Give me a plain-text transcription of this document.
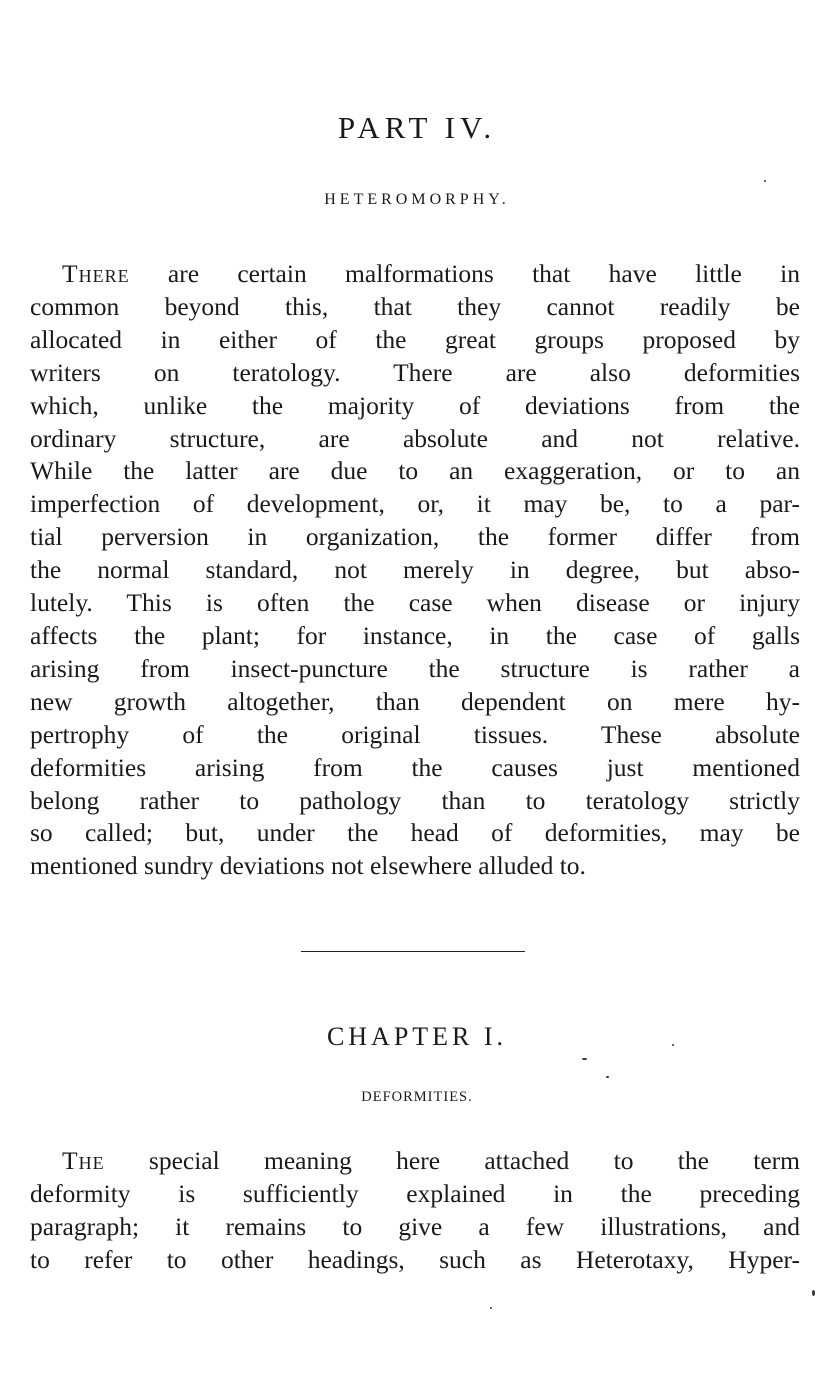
PART IV.
HETEROMORPHY.
There are certain malformations that have little in
common beyond this, that they cannot readily be
allocated in either of the great groups proposed by
writers on teratology. There are also deformities
which, unlike the majority of deviations from the
ordinary structure, are absolute and not relative.
While the latter are due to an exaggeration, or to an
imperfection of development, or, it may be, to a par-
tial perversion in organization, the former differ from
the normal standard, not merely in degree, but abso-
lutely. This is often the case when disease or injury
affects the plant; for instance, in the case of galls
arising from insect-puncture the structure is rather a
new growth altogether, than dependent on mere hy-
pertrophy of the original tissues. These absolute
deformities arising from the causes just mentioned
belong rather to pathology than to teratology strictly
so called; but, under the head of deformities, may be
mentioned sundry deviations not elsewhere alluded to.
CHAPTER I.
DEFORMITIES.
The special meaning here attached to the term
deformity is sufficiently explained in the preceding
paragraph; it remains to give a few illustrations, and
to refer to other headings, such as Heterotaxy, Hyper-
